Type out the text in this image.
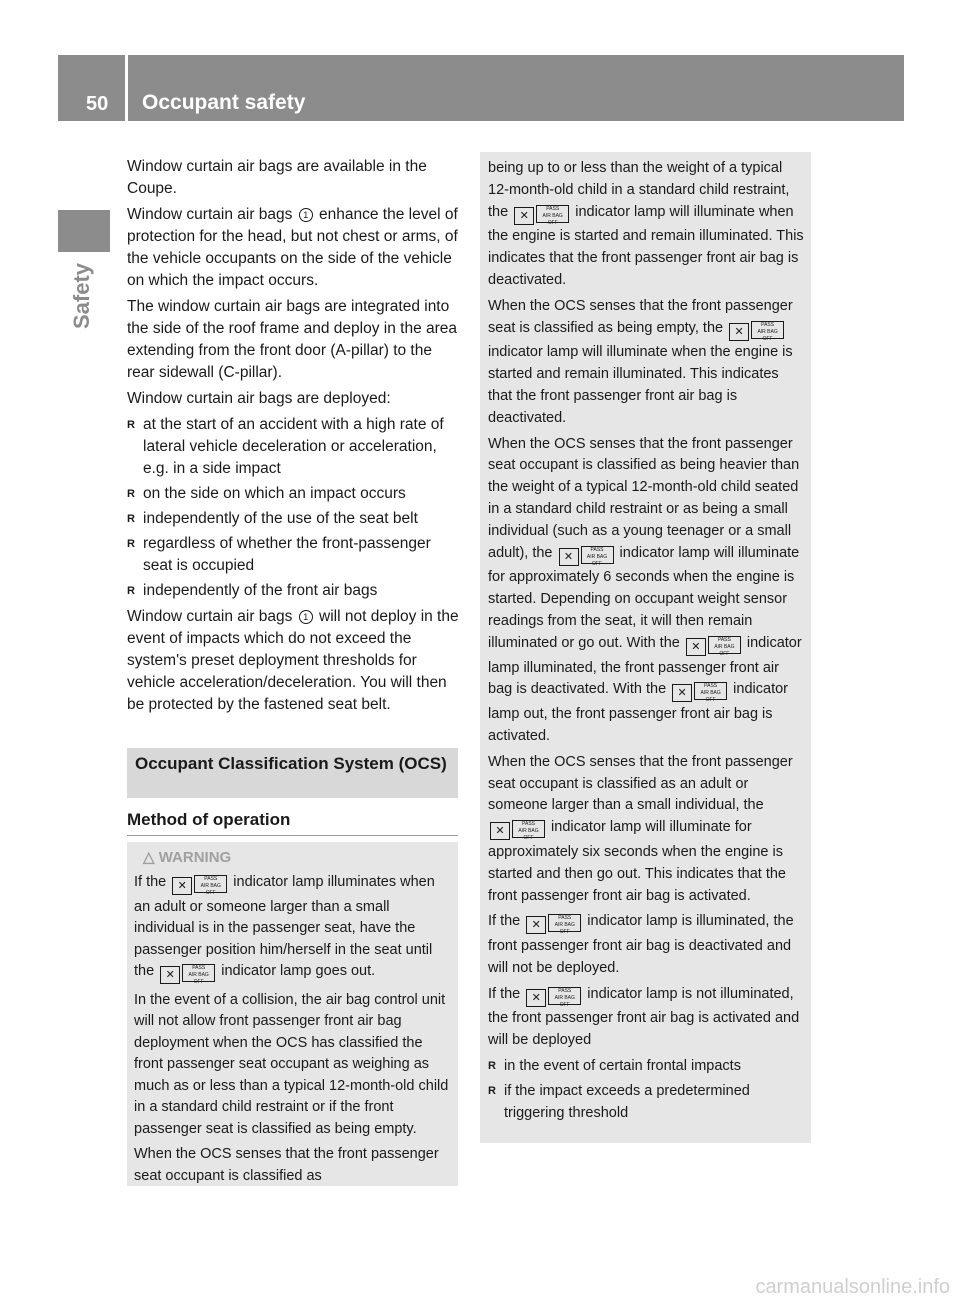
50 Occupant safety
Safety

Window curtain air bags are available in the Coupe.

Window curtain air bags 1 enhance the level of protection for the head, but not chest or arms, of the vehicle occupants on the side of the vehicle on which the impact occurs.

The window curtain air bags are integrated into the side of the roof frame and deploy in the area extending from the front door (A-pillar) to the rear sidewall (C-pillar).

Window curtain air bags are deployed:

R at the start of an accident with a high rate of lateral vehicle deceleration or acceleration, e.g. in a side impact
R on the side on which an impact occurs
R independently of the use of the seat belt
R regardless of whether the front-passenger seat is occupied
R independently of the front air bags

Window curtain air bags 1 will not deploy in the event of impacts which do not exceed the system's preset deployment thresholds for vehicle acceleration/deceleration. You will then be protected by the fastened seat belt.

Occupant Classification System (OCS)
Method of operation
△ WARNING

If the ✕PASS
AIR BAG OFF indicator lamp illuminates when an adult or someone larger than a small individual is in the passenger seat, have the passenger position him/herself in the seat until the ✕PASS
AIR BAG OFF indicator lamp goes out.

In the event of a collision, the air bag control unit will not allow front passenger front air bag deployment when the OCS has classified the front passenger seat occupant as weighing as much as or less than a typical 12-month-old child in a standard child restraint or if the front passenger seat is classified as being empty.

When the OCS senses that the front passenger seat occupant is classified as

being up to or less than the weight of a typical 12-month-old child in a standard child restraint, the ✕PASS
AIR BAG OFF indicator lamp will illuminate when the engine is started and remain illuminated. This indicates that the front passenger front air bag is deactivated.

When the OCS senses that the front passenger seat is classified as being empty, the ✕PASS
AIR BAG OFF indicator lamp will illuminate when the engine is started and remain illuminated. This indicates that the front passenger front air bag is deactivated.

When the OCS senses that the front passenger seat occupant is classified as being heavier than the weight of a typical 12-month-old child seated in a standard child restraint or as being a small individual (such as a young teenager or a small adult), the ✕PASS
AIR BAG OFF indicator lamp will illuminate for approximately 6 seconds when the engine is started. Depending on occupant weight sensor readings from the seat, it will then remain illuminated or go out. With the ✕PASS
AIR BAG OFF indicator lamp illuminated, the front passenger front air bag is deactivated. With the ✕PASS
AIR BAG OFF indicator lamp out, the front passenger front air bag is activated.

When the OCS senses that the front passenger seat occupant is classified as an adult or someone larger than a small individual, the ✕PASS
AIR BAG OFF indicator lamp will illuminate for approximately six seconds when the engine is started and then go out. This indicates that the front passenger front air bag is activated.

If the ✕PASS
AIR BAG OFF indicator lamp is illuminated, the front passenger front air bag is deactivated and will not be deployed.

If the ✕PASS
AIR BAG OFF indicator lamp is not illuminated, the front passenger front air bag is activated and will be deployed

R in the event of certain frontal impacts
R if the impact exceeds a predetermined triggering threshold
carmanualsonline.info
